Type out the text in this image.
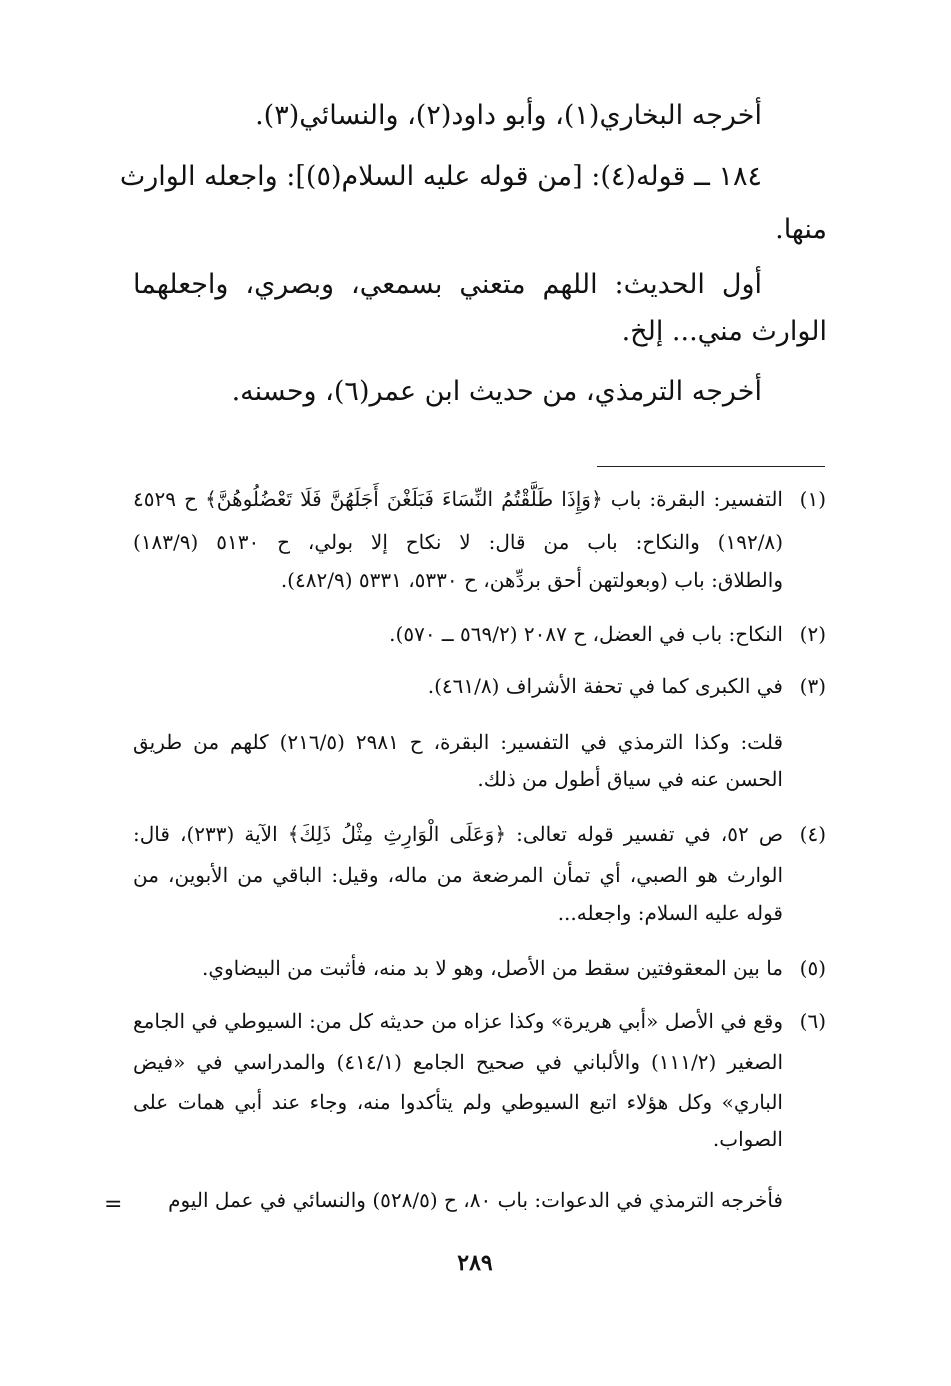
أخرجه البخاري(١)، وأبو داود(٢)، والنسائي(٣).

١٨٤ ــ قوله(٤): [من قوله عليه السلام(٥)]: واجعله الوارث

منها.

أول الحديث: اللهم متعني بسمعي، وبصري، واجعلهما

الوارث مني... إلخ.

أخرجه الترمذي، من حديث ابن عمر(٦)، وحسنه.

(١)

التفسير: البقرة: باب ﴿وَإِذَا طَلَّقْتُمُ النِّسَاءَ فَبَلَغْنَ أَجَلَهُنَّ فَلَا تَعْضُلُوهُنَّ﴾ ح ٤٥٢٩

(١٩٢/٨) والنكاح: باب من قال: لا نكاح إلا بولي، ح ٥١٣٠ (١٨٣/٩)

والطلاق: باب (وبعولتهن أحق بردِّهن، ح ٥٣٣٠، ٥٣٣١ (٤٨٢/٩).

(٢)

النكاح: باب في العضل، ح ٢٠٨٧ (٥٦٩/٢ ــ ٥٧٠).

(٣)

في الكبرى كما في تحفة الأشراف (٤٦١/٨).

قلت: وكذا الترمذي في التفسير: البقرة، ح ٢٩٨١ (٢١٦/٥) كلهم من طريق

الحسن عنه في سياق أطول من ذلك.

(٤)

ص ٥٢، في تفسير قوله تعالى: ﴿وَعَلَى الْوَارِثِ مِثْلُ ذَلِكَ﴾ الآية (٢٣٣)، قال:

الوارث هو الصبي، أي تمأن المرضعة من ماله، وقيل: الباقي من الأبوين، من

قوله عليه السلام: واجعله...

(٥)

ما بين المعقوفتين سقط من الأصل، وهو لا بد منه، فأثبت من البيضاوي.

(٦)

وقع في الأصل «أبي هريرة» وكذا عزاه من حديثه كل من: السيوطي في الجامع

الصغير (١١١/٢) والألباني في صحيح الجامع (٤١٤/١) والمدراسي في «فيض

الباري» وكل هؤلاء اتبع السيوطي ولم يتأكدوا منه، وجاء عند أبي همات على

الصواب.

فأخرجه الترمذي في الدعوات: باب ٨٠، ح (٥٢٨/٥) والنسائي في عمل اليوم

=
٢٨٩
